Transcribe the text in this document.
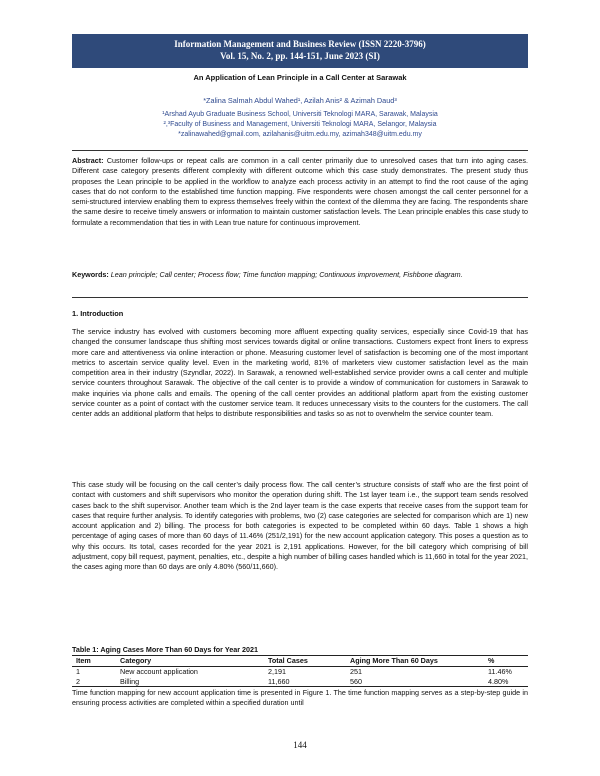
Information Management and Business Review (ISSN 2220-3796)
Vol. 15, No. 2, pp. 144-151, June 2023 (SI)
An Application of Lean Principle in a Call Center at Sarawak
*Zalina Salmah Abdul Wahed¹, Azilah Anis² & Azimah Daud³
¹Arshad Ayub Graduate Business School, Universiti Teknologi MARA, Sarawak, Malaysia
²,³Faculty of Business and Management, Universiti Teknologi MARA, Selangor, Malaysia
*zalinawahed@gmail.com, azilahanis@uitm.edu.my, azimah348@uitm.edu.my
Abstract: Customer follow-ups or repeat calls are common in a call center primarily due to unresolved cases that turn into aging cases. Different case category presents different complexity with different outcome which this case study demonstrates. The present study thus proposes the Lean principle to be applied in the workflow to analyze each process activity in an attempt to find the root cause of the aging cases that do not conform to the established time function mapping. Five respondents were chosen amongst the call center personnel for a semi-structured interview enabling them to express themselves freely within the context of the dilemma they are facing. The respondents share the same desire to receive timely answers or information to maintain customer satisfaction levels. The Lean principle enables this case study to formulate a recommendation that ties in with Lean true nature for continuous improvement.
Keywords: Lean principle; Call center; Process flow; Time function mapping; Continuous improvement, Fishbone diagram.
1. Introduction
The service industry has evolved with customers becoming more affluent expecting quality services, especially since Covid-19 that has changed the consumer landscape thus shifting most services towards digital or online transactions. Customers expect front liners to express more care and attentiveness via online interaction or phone. Measuring customer level of satisfaction is becoming one of the most important metrics to ascertain service quality level. Even in the marketing world, 81% of marketers view customer satisfaction level as the main competition area in their industry (Szyndlar, 2022). In Sarawak, a renowned well-established service provider owns a call center and multiple service counters throughout Sarawak. The objective of the call center is to provide a window of communication for customers in Sarawak to make inquiries via phone calls and emails. The opening of the call center provides an additional platform apart from the existing customer service counter as a point of contact with the customer service team. It reduces unnecessary visits to the counters for the customers. The call center adds an additional platform that helps to distribute responsibilities and tasks so as not to overwhelm the service counter team.
This case study will be focusing on the call center’s daily process flow. The call center’s structure consists of staff who are the first point of contact with customers and shift supervisors who monitor the operation during shift. The 1st layer team i.e., the support team sends resolved cases back to the shift supervisor. Another team which is the 2nd layer team is the case experts that receive cases from the support team for cases that require further analysis. To identify categories with problems, two (2) case categories are selected for comparison which are 1) new account application and 2) billing. The process for both categories is expected to be completed within 60 days. Table 1 shows a high percentage of aging cases of more than 60 days of 11.46% (251/2,191) for the new account application category. This poses a question as to why this occurs. Its total, cases recorded for the year 2021 is 2,191 applications. However, for the bill category which comprising of bill adjustment, copy bill request, payment, penalties, etc., despite a high number of billing cases handled which is 11,660 in total for the year 2021, the cases aging more than 60 days are only 4.80% (560/11,660).
Table 1: Aging Cases More Than 60 Days for Year 2021
Item	Category	Total Cases	Aging More Than 60 Days	%
1	New account application	2,191	251	11.46%
2	Billing	11,660	560	4.80%
Time function mapping for new account application time is presented in Figure 1. The time function mapping serves as a step-by-step guide in ensuring process activities are completed within a specified duration until
144
